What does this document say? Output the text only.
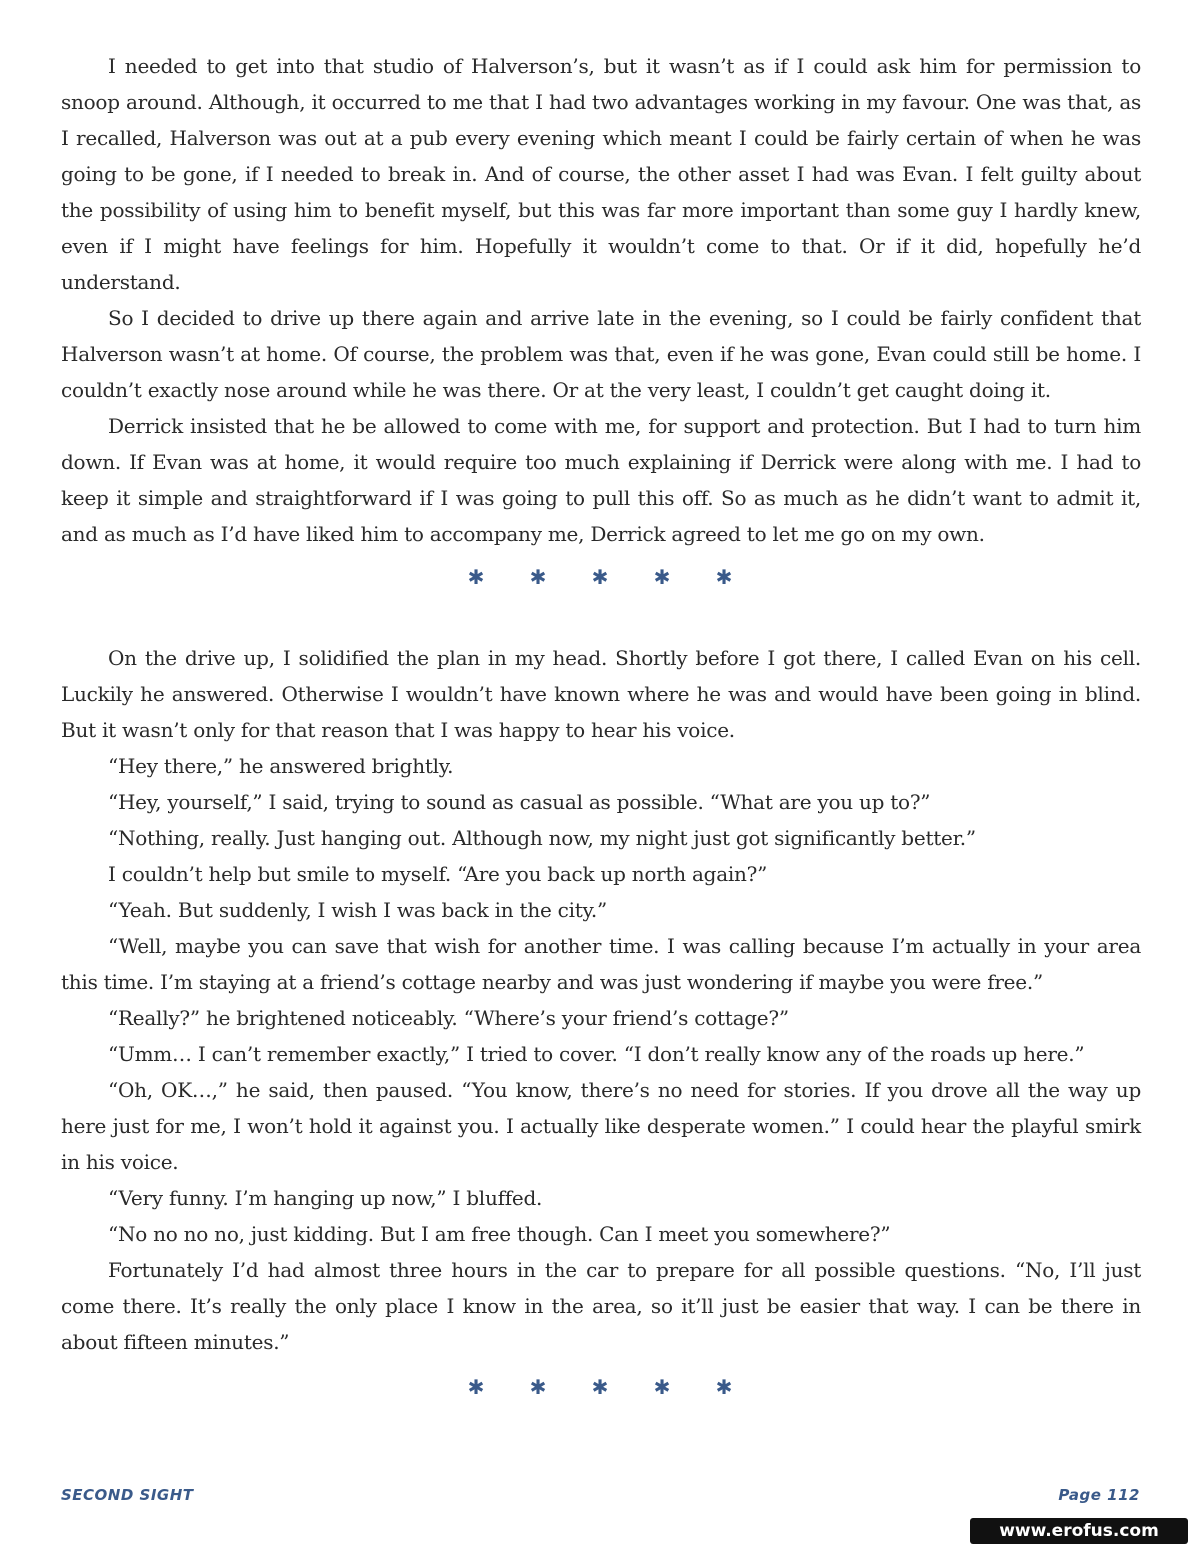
I needed to get into that studio of Halverson’s, but it wasn’t as if I could ask him for permission to snoop around. Although, it occurred to me that I had two advantages working in my favour. One was that, as I recalled, Halverson was out at a pub every evening which meant I could be fairly certain of when he was going to be gone, if I needed to break in. And of course, the other asset I had was Evan. I felt guilty about the possibility of using him to benefit myself, but this was far more important than some guy I hardly knew, even if I might have feelings for him. Hopefully it wouldn’t come to that. Or if it did, hopefully he’d understand.

So I decided to drive up there again and arrive late in the evening, so I could be fairly confident that Halverson wasn’t at home. Of course, the problem was that, even if he was gone, Evan could still be home. I couldn’t exactly nose around while he was there. Or at the very least, I couldn’t get caught doing it.

Derrick insisted that he be allowed to come with me, for support and protection. But I had to turn him down. If Evan was at home, it would require too much explaining if Derrick were along with me. I had to keep it simple and straightforward if I was going to pull this off. So as much as he didn’t want to admit it, and as much as I’d have liked him to accompany me, Derrick agreed to let me go on my own.

✱ ✱ ✱ ✱ ✱

On the drive up, I solidified the plan in my head. Shortly before I got there, I called Evan on his cell. Luckily he answered. Otherwise I wouldn’t have known where he was and would have been going in blind. But it wasn’t only for that reason that I was happy to hear his voice.

“Hey there,” he answered brightly.

“Hey, yourself,” I said, trying to sound as casual as possible. “What are you up to?”

“Nothing, really. Just hanging out. Although now, my night just got significantly better.”

I couldn’t help but smile to myself. “Are you back up north again?”

“Yeah. But suddenly, I wish I was back in the city.”

“Well, maybe you can save that wish for another time. I was calling because I’m actually in your area this time. I’m staying at a friend’s cottage nearby and was just wondering if maybe you were free.”

“Really?” he brightened noticeably. “Where’s your friend’s cottage?”

“Umm… I can’t remember exactly,” I tried to cover. “I don’t really know any of the roads up here.”

“Oh, OK…,” he said, then paused. “You know, there’s no need for stories. If you drove all the way up here just for me, I won’t hold it against you. I actually like desperate women.” I could hear the playful smirk in his voice.

“Very funny. I’m hanging up now,” I bluffed.

“No no no no, just kidding. But I am free though. Can I meet you somewhere?”

Fortunately I’d had almost three hours in the car to prepare for all possible questions. “No, I’ll just come there. It’s really the only place I know in the area, so it’ll just be easier that way. I can be there in about fifteen minutes.”

✱ ✱ ✱ ✱ ✱
SECOND SIGHT	Page 112
www.erofus.com
